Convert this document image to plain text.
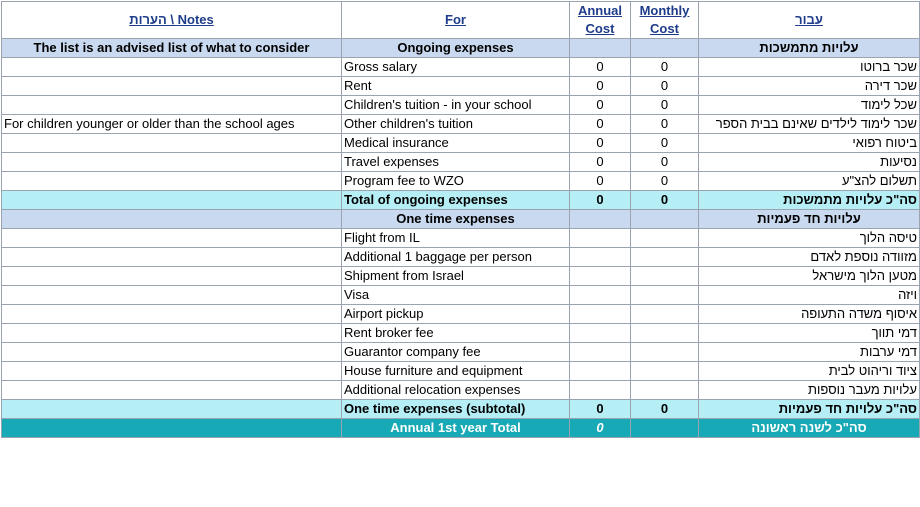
Notes \ הערות	For	Annual Cost	Monthly Cost	עבור
The list is an advised list of what to consider	Ongoing expenses			עלויות מתמשכות
	Gross salary	0	0	שכר ברוטו
	Rent	0	0	שכר דירה
	Children's tuition - in your school	0	0	שכל לימוד
For children younger or older than the school ages	Other children's tuition	0	0	שכר לימוד לילדים שאינם בבית הספר
	Medical insurance	0	0	ביטוח רפואי
	Travel expenses	0	0	נסיעות
	Program fee to WZO	0	0	תשלום להצ"ע
	Total of ongoing expenses	0	0	סה"כ עלויות מתמשכות
	One time expenses			עלויות חד פעמיות
	Flight from IL			טיסה הלוך
	Additional 1 baggage per person			מזוודה נוספת לאדם
	Shipment from Israel			מטען הלוך מישראל
	Visa			ויזה
	Airport pickup			איסוף משדה התעופה
	Rent broker fee			דמי תווך
	Guarantor company fee			דמי ערבות
	House furniture and equipment			ציוד וריהוט לבית
	Additional relocation expenses			עלויות מעבר נוספות
	One time expenses (subtotal)	0	0	סה"כ עלויות חד פעמיות
	Annual 1st year Total	0		סה"כ לשנה ראשונה
